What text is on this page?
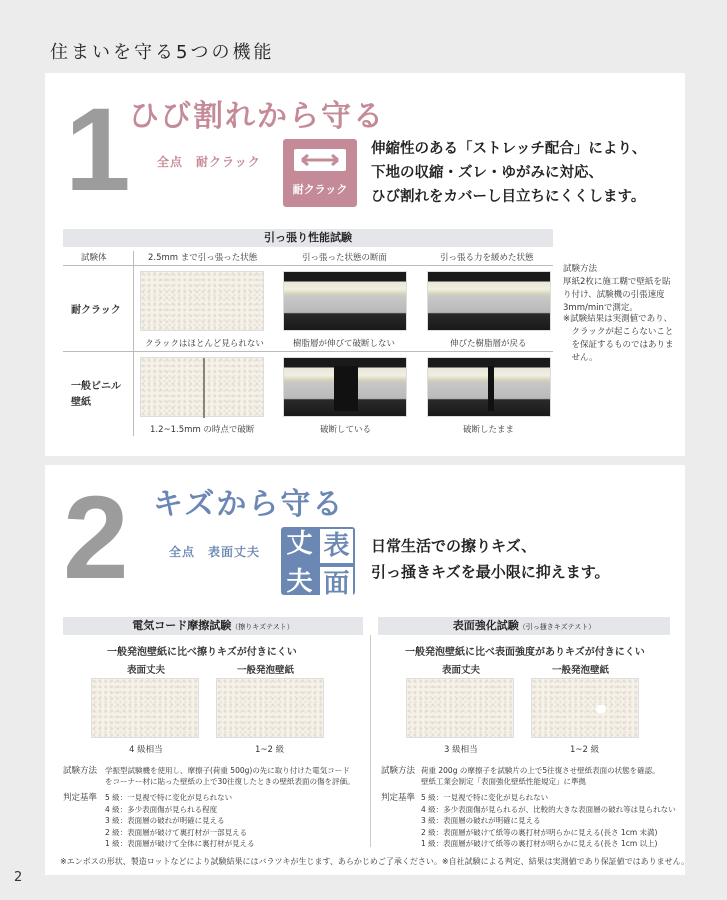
住まいを守る5つの機能
1
ひび割れから守る
全点　耐クラック
耐クラック
伸縮性のある「ストレッチ配合」により、
下地の収縮・ズレ・ゆがみに対応、
ひび割れをカバーし目立ちにくくします。
引っ張り性能試験
試験体	2.5mm まで引っ張った状態	引っ張った状態の断面	引っ張る力を緩めた状態
耐クラック
クラックはほとんど見られない	樹脂層が伸びて破断しない	伸びた樹脂層が戻る
一般ビニル
壁紙
1.2~1.5mm の時点で破断	破断している	破断したまま
試験方法
厚紙2枚に施工糊で壁紙を貼
り付け、試験機の引張速度
3mm/minで測定。
※試験結果は実測値であり、
　クラックが起こらないこと
　を保証するものではありま
　せん。
2 キズから守る
全点　表面丈夫 丈 表
夫 面
日常生活での擦りキズ、
引っ掻きキズを最小限に抑えます。
電気コード摩擦試験（擦りキズテスト）
一般発泡壁紙に比べ擦りキズが付きにくい
表面丈夫	一般発泡壁紙
4 級相当	1~2 級
試験方法 学振型試験機を使用し、摩擦子(荷重 500g)の先に取り付けた電気コード
をコーナー材に貼った壁紙の上で30往復したときの壁紙表面の傷を評価。
判定基準 5 級：一見視で特に変化が見られない
4 級：多少表面傷が見られる程度
3 級：表面層の破れが明確に見える
2 級：表面層が破けて裏打材が一部見える
1 級：表面層が破けて全体に裏打材が見える
表面強化試験（引っ掻きキズテスト）
一般発泡壁紙に比べ表面強度がありキズが付きにくい
表面丈夫	一般発泡壁紙
3 級相当	1~2 級
試験方法 荷重 200g の摩擦子を試験片の上で5往復させ壁紙表面の状態を確認。
壁紙工業会制定「表面強化壁紙性能規定」に準拠
判定基準 5 級：一見視で特に変化が見られない
4 級：多少表面傷が見られるが、比較的大きな表面層の破れ等は見られない
3 級：表面層の破れが明確に見える
2 級：表面層が破けて紙等の裏打材が明らかに見える(長さ 1cm 未満)
1 級：表面層が破けて紙等の裏打材が明らかに見える(長さ 1cm 以上)
※エンボスの形状、製造ロットなどにより試験結果にはバラツキが生じます、あらかじめご了承ください。※自社試験による判定、結果は実測値であり保証値ではありません。
2
